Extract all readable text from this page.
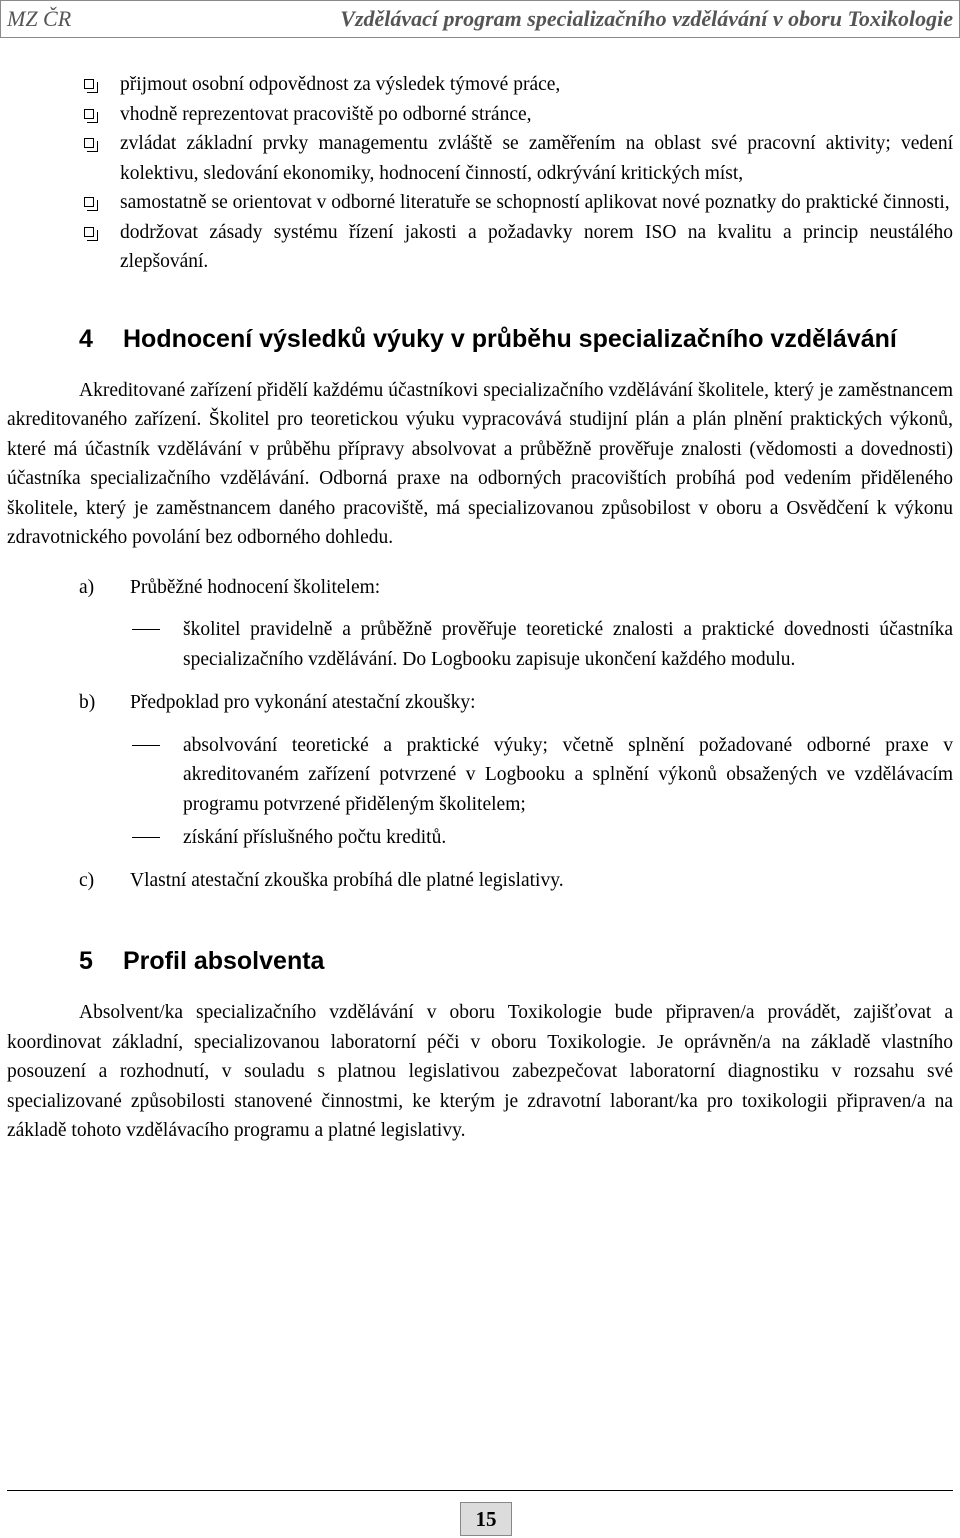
MZ ČR	Vzdělávací program specializačního vzdělávání v oboru Toxikologie
přijmout osobní odpovědnost za výsledek týmové práce,
vhodně reprezentovat pracoviště po odborné stránce,
zvládat základní prvky managementu zvláště se zaměřením na oblast své pracovní aktivity; vedení kolektivu, sledování ekonomiky, hodnocení činností, odkrývání kritických míst,
samostatně se orientovat v odborné literatuře se schopností aplikovat nové poznatky do praktické činnosti,
dodržovat zásady systému řízení jakosti a požadavky norem ISO na kvalitu a princip neustálého zlepšování.
4 Hodnocení výsledků výuky v průběhu specializačního vzdělávání

Akreditované zařízení přidělí každému účastníkovi specializačního vzdělávání školitele, který je zaměstnancem akreditovaného zařízení. Školitel pro teoretickou výuku vypracovává studijní plán a plán plnění praktických výkonů, které má účastník vzdělávání v průběhu přípravy absolvovat a průběžně prověřuje znalosti (vědomosti a dovednosti) účastníka specializačního vzdělávání. Odborná praxe na odborných pracovištích probíhá pod vedením přiděleného školitele, který je zaměstnancem daného pracoviště, má specializovanou způsobilost v oboru a Osvědčení k výkonu zdravotnického povolání bez odborného dohledu.

a) Průběžné hodnocení školitelem:
školitel pravidelně a průběžně prověřuje teoretické znalosti a praktické dovednosti účastníka specializačního vzdělávání. Do Logbooku zapisuje ukončení každého modulu.
b) Předpoklad pro vykonání atestační zkoušky:
absolvování teoretické a praktické výuky; včetně splnění požadované odborné praxe v akreditovaném zařízení potvrzené v Logbooku a splnění výkonů obsažených ve vzdělávacím programu potvrzené přiděleným školitelem;
získání příslušného počtu kreditů.
c) Vlastní atestační zkouška probíhá dle platné legislativy.
5 Profil absolventa

Absolvent/ka specializačního vzdělávání v oboru Toxikologie bude připraven/a provádět, zajišťovat a koordinovat základní, specializovanou laboratorní péči v oboru Toxikologie. Je oprávněn/a na základě vlastního posouzení a rozhodnutí, v souladu s platnou legislativou zabezpečovat laboratorní diagnostiku v rozsahu své specializované způsobilosti stanovené činnostmi, ke kterým je zdravotní laborant/ka pro toxikologii připraven/a na základě tohoto vzdělávacího programu a platné legislativy.

15
